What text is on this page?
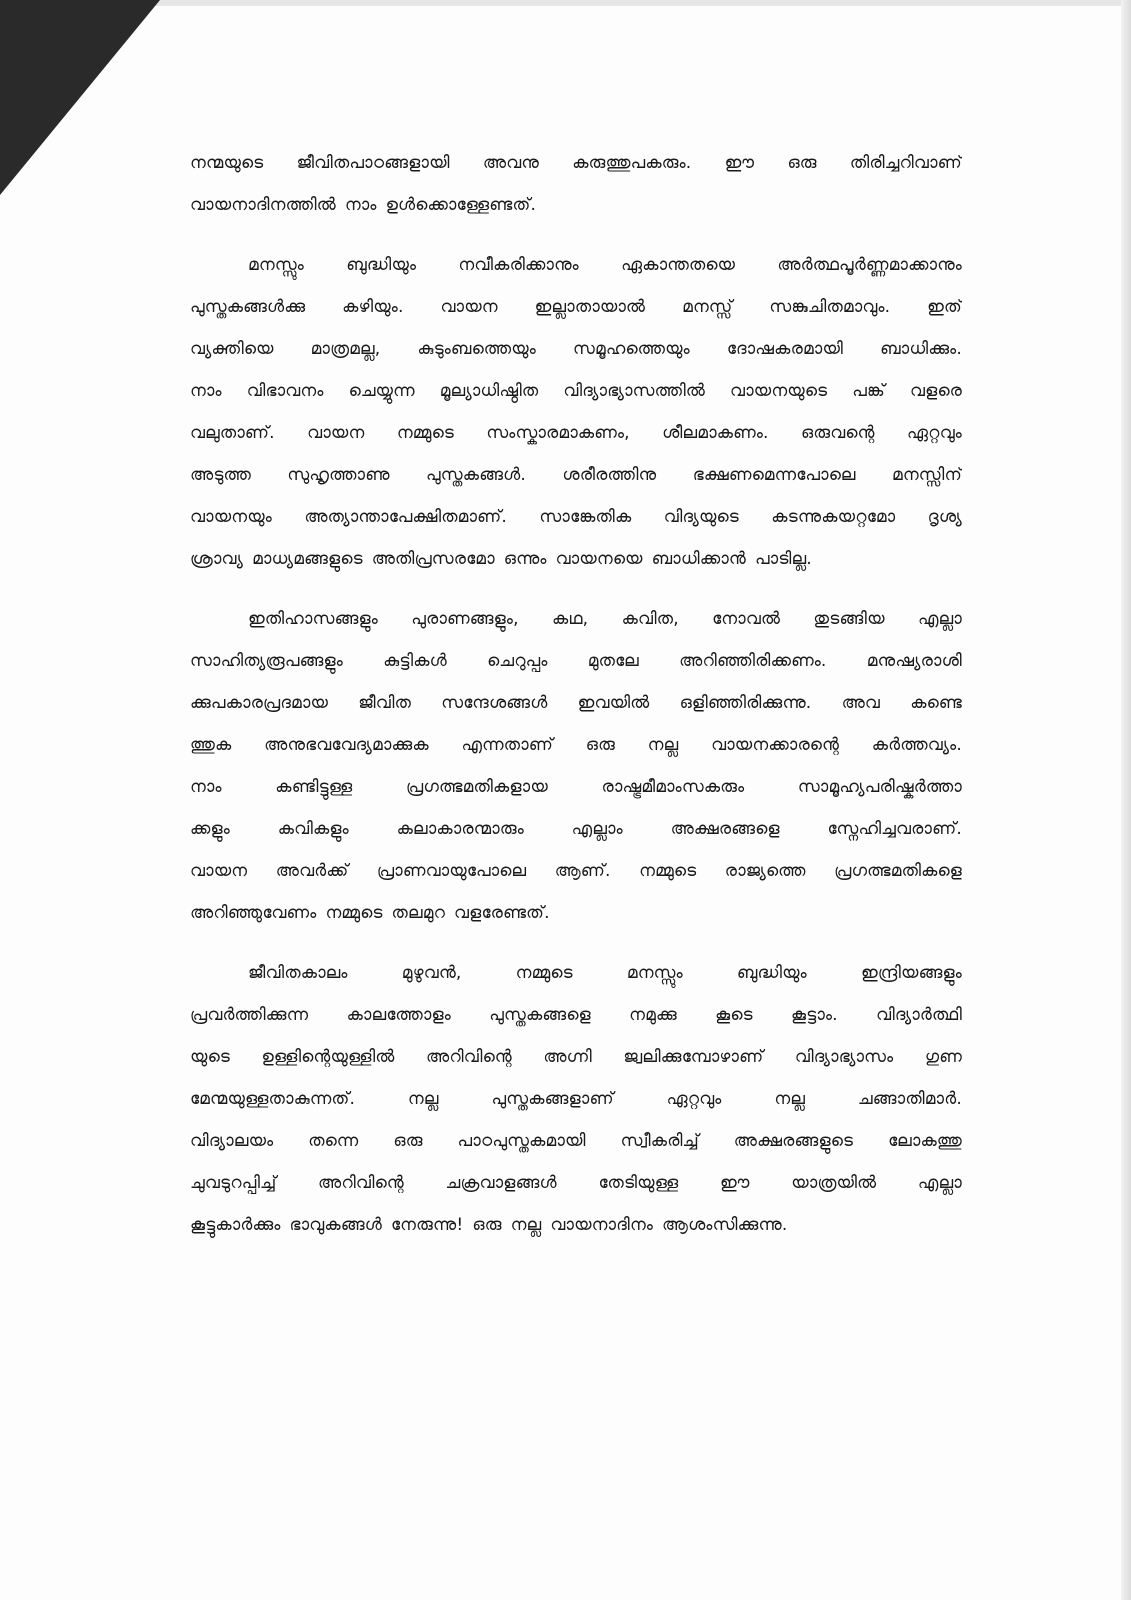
നന്മയുടെ ജീവിതപാഠങ്ങളായി അവനു കരുത്തുപകരും. ഈ ഒരു തിരിച്ചറിവാണ്
വായനാദിനത്തിൽ നാം ഉൾക്കൊള്ളേണ്ടത്.
മനസ്സും ബുദ്ധിയും നവീകരിക്കാനും ഏകാന്തതയെ അർത്ഥപൂർണ്ണമാക്കാനും
പുസ്തകങ്ങൾക്കു കഴിയും. വായന ഇല്ലാതായാൽ മനസ്സ് സങ്കുചിതമാവും. ഇത്
വ്യക്തിയെ മാത്രമല്ല, കുടുംബത്തെയും സമൂഹത്തെയും ദോഷകരമായി ബാധിക്കും.
നാം വിഭാവനം ചെയ്യുന്ന മൂല്യാധിഷ്ഠിത വിദ്യാഭ്യാസത്തിൽ വായനയുടെ പങ്ക് വളരെ
വലുതാണ്. വായന നമ്മുടെ സംസ്കാരമാകണം, ശീലമാകണം. ഒരുവന്റെ ഏറ്റവും
അടുത്ത സുഹൃത്താണു പുസ്തകങ്ങൾ. ശരീരത്തിനു ഭക്ഷണമെന്നപോലെ മനസ്സിന്
വായനയും അത്യാന്താപേക്ഷിതമാണ്. സാങ്കേതിക വിദ്യയുടെ കടന്നുകയറ്റമോ ദൃശ്യ
ശ്രാവ്യ മാധ്യമങ്ങളുടെ അതിപ്രസരമോ ഒന്നും വായനയെ ബാധിക്കാൻ പാടില്ല.
ഇതിഹാസങ്ങളും പുരാണങ്ങളും, കഥ, കവിത, നോവൽ തുടങ്ങിയ എല്ലാ
സാഹിത്യരൂപങ്ങളും കുട്ടികൾ ചെറുപ്പം മുതലേ അറിഞ്ഞിരിക്കണം. മനുഷ്യരാശി
ക്കുപകാരപ്രദമായ ജീവിത സന്ദേശങ്ങൾ ഇവയിൽ ഒളിഞ്ഞിരിക്കുന്നു. അവ കണ്ടെ
ത്തുക അനുഭവവേദ്യമാക്കുക എന്നതാണ് ഒരു നല്ല വായനക്കാരന്റെ കർത്തവ്യം.
നാം	കണ്ടിട്ടുള്ള	പ്രഗത്ഭമതികളായ	രാഷ്ട്രമീമാംസകരും	സാമൂഹ്യപരിഷ്കർത്താ
ക്കളും	കവികളും	കലാകാരന്മാരും	എല്ലാം	അക്ഷരങ്ങളെ	സ്നേഹിച്ചവരാണ്.
വായന അവർക്ക് പ്രാണവായുപോലെ ആണ്. നമ്മുടെ രാജ്യത്തെ പ്രഗത്ഭമതികളെ
അറിഞ്ഞുവേണം നമ്മുടെ തലമുറ വളരേണ്ടത്.
ജീവിതകാലം	മുഴുവൻ,	നമ്മുടെ	മനസ്സും	ബുദ്ധിയും	ഇന്ദ്രിയങ്ങളും
പ്രവർത്തിക്കുന്ന കാലത്തോളം പുസ്തകങ്ങളെ നമുക്കു കൂടെ കൂട്ടാം. വിദ്യാർത്ഥി
യുടെ ഉള്ളിന്റെയുള്ളിൽ അറിവിന്റെ അഗ്നി ജ്വലിക്കുമ്പോഴാണ് വിദ്യാഭ്യാസം ഗുണ
മേന്മയുള്ളതാകുന്നത്.	നല്ല	പുസ്തകങ്ങളാണ്	ഏറ്റവും	നല്ല	ചങ്ങാതിമാർ.
വിദ്യാലയം തന്നെ ഒരു പാഠപുസ്തകമായി സ്വീകരിച്ച് അക്ഷരങ്ങളുടെ ലോകത്തു
ചുവടുറപ്പിച്ച് അറിവിന്റെ ചക്രവാളങ്ങൾ തേടിയുള്ള ഈ യാത്രയിൽ എല്ലാ
കൂട്ടുകാർക്കും ഭാവുകങ്ങൾ നേരുന്നു! ഒരു നല്ല വായനാദിനം ആശംസിക്കുന്നു.
